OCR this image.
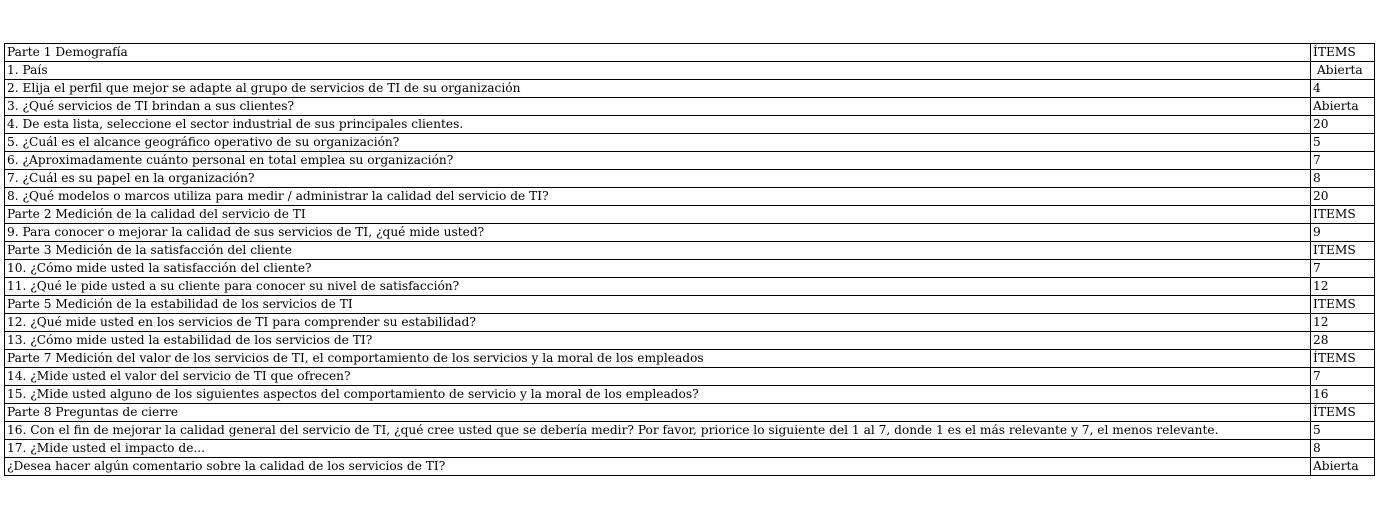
Parte 1 Demografía	ÍTEMS
1. País	Abierta
2. Elija el perfil que mejor se adapte al grupo de servicios de TI de su organización	4
3. ¿Qué servicios de TI brindan a sus clientes?	Abierta
4. De esta lista, seleccione el sector industrial de sus principales clientes.	20
5. ¿Cuál es el alcance geográfico operativo de su organización?	5
6. ¿Aproximadamente cuánto personal en total emplea su organización?	7
7. ¿Cuál es su papel en la organización?	8
8. ¿Qué modelos o marcos utiliza para medir / administrar la calidad del servicio de TI?	20
Parte 2 Medición de la calidad del servicio de TI	ITEMS
9. Para conocer o mejorar la calidad de sus servicios de TI, ¿qué mide usted?	9
Parte 3 Medición de la satisfacción del cliente	ITEMS
10. ¿Cómo mide usted la satisfacción del cliente?	7
11. ¿Qué le pide usted a su cliente para conocer su nivel de satisfacción?	12
Parte 5 Medición de la estabilidad de los servicios de TI	ITEMS
12. ¿Qué mide usted en los servicios de TI para comprender su estabilidad?	12
13. ¿Cómo mide usted la estabilidad de los servicios de TI?	28
Parte 7 Medición del valor de los servicios de TI, el comportamiento de los servicios y la moral de los empleados	ÍTEMS
14. ¿Mide usted el valor del servicio de TI que ofrecen?	7
15. ¿Mide usted alguno de los siguientes aspectos del comportamiento de servicio y la moral de los empleados?	16
Parte 8 Preguntas de cierre	ÍTEMS
16. Con el fin de mejorar la calidad general del servicio de TI, ¿qué cree usted que se debería medir? Por favor, priorice lo siguiente del 1 al 7, donde 1 es el más relevante y 7, el menos relevante.	5
17. ¿Mide usted el impacto de...	8
¿Desea hacer algún comentario sobre la calidad de los servicios de TI?	Abierta
